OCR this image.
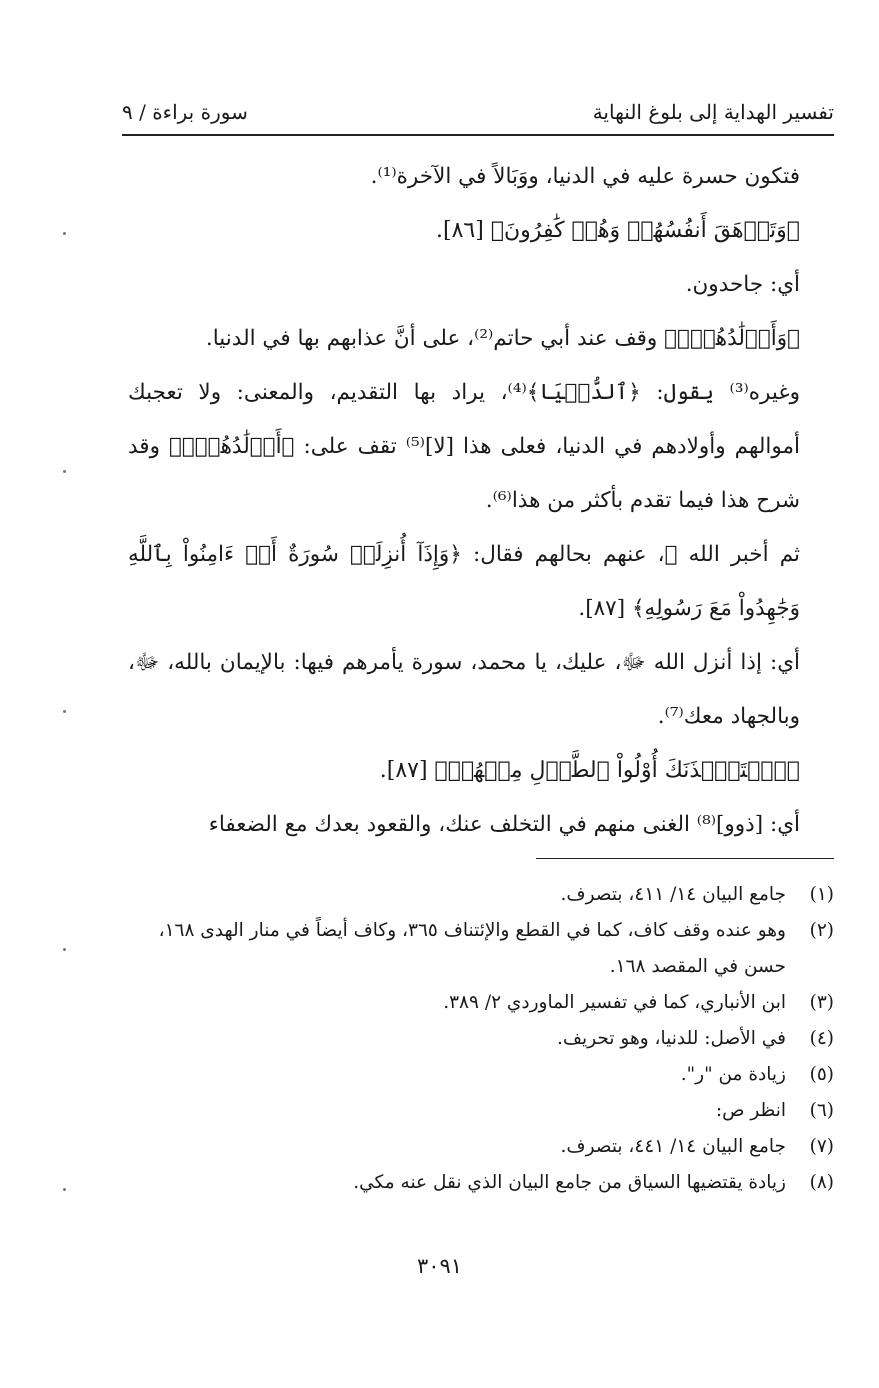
تفسير الهداية إلى بلوغ النهاية
سورة براءة / ٩

فتكون حسرة عليه في الدنيا، ووَبَالاً في الآخرة⁽¹⁾.

﴿وَتَزۡهَقَ أَنفُسُهُمۡ وَهُمۡ كَٰفِرُونَ﴾ [٨٦].

أي: جاحدون.

﴿وَأَوۡلَٰدُهُمۡۚ﴾ وقف عند أبي حاتم⁽²⁾، على أنَّ عذابهم بها في الدنيا.

وغيره⁽³⁾ يقول: ﴿ٱلدُّنۡيَا﴾⁽⁴⁾، يراد بها التقديم، والمعنى: ولا تعجبك أموالهم وأولادهم في الدنيا، فعلى هذا [لا]⁽⁵⁾ تقف على: ﴿أَوۡلَٰدُهُمۡۚ﴾ وقد شرح هذا فيما تقدم بأكثر من هذا⁽⁶⁾.

ثم أخبر الله ﷻ، عنهم بحالهم فقال: ﴿وَإِذَآ أُنزِلَتۡ سُورَةٌ أَنۡ ءَامِنُواْ بِٱللَّهِ وَجَٰهِدُواْ مَعَ رَسُولِهِ﴾ [٨٧].

أي: إذا أنزل الله ﷻ، عليك، يا محمد، سورة يأمرهم فيها: بالإيمان بالله، ﷻ، وبالجهاد معك⁽⁷⁾.

﴿ٱسۡتَـٔۡذَنَكَ أُوْلُواْ ٱلطَّوۡلِ مِنۡهُمۡ﴾ [٨٧].

أي: [ذوو]⁽⁸⁾ الغنى منهم في التخلف عنك، والقعود بعدك مع الضعفاء

(١)
جامع البيان ١٤/ ٤١١، بتصرف.
(٢)
وهو عنده وقف كاف، كما في القطع والإئتناف ٣٦٥، وكاف أيضاً في منار الهدى ١٦٨، حسن في المقصد ١٦٨.
(٣)
ابن الأنباري، كما في تفسير الماوردي ٢/ ٣٨٩.
(٤)
في الأصل: للدنيا، وهو تحريف.
(٥)
زيادة من "ر".
(٦)
انظر ص:
(٧)
جامع البيان ١٤/ ٤٤١، بتصرف.
(٨)
زيادة يقتضيها السياق من جامع البيان الذي نقل عنه مكي.
٣٠٩١
